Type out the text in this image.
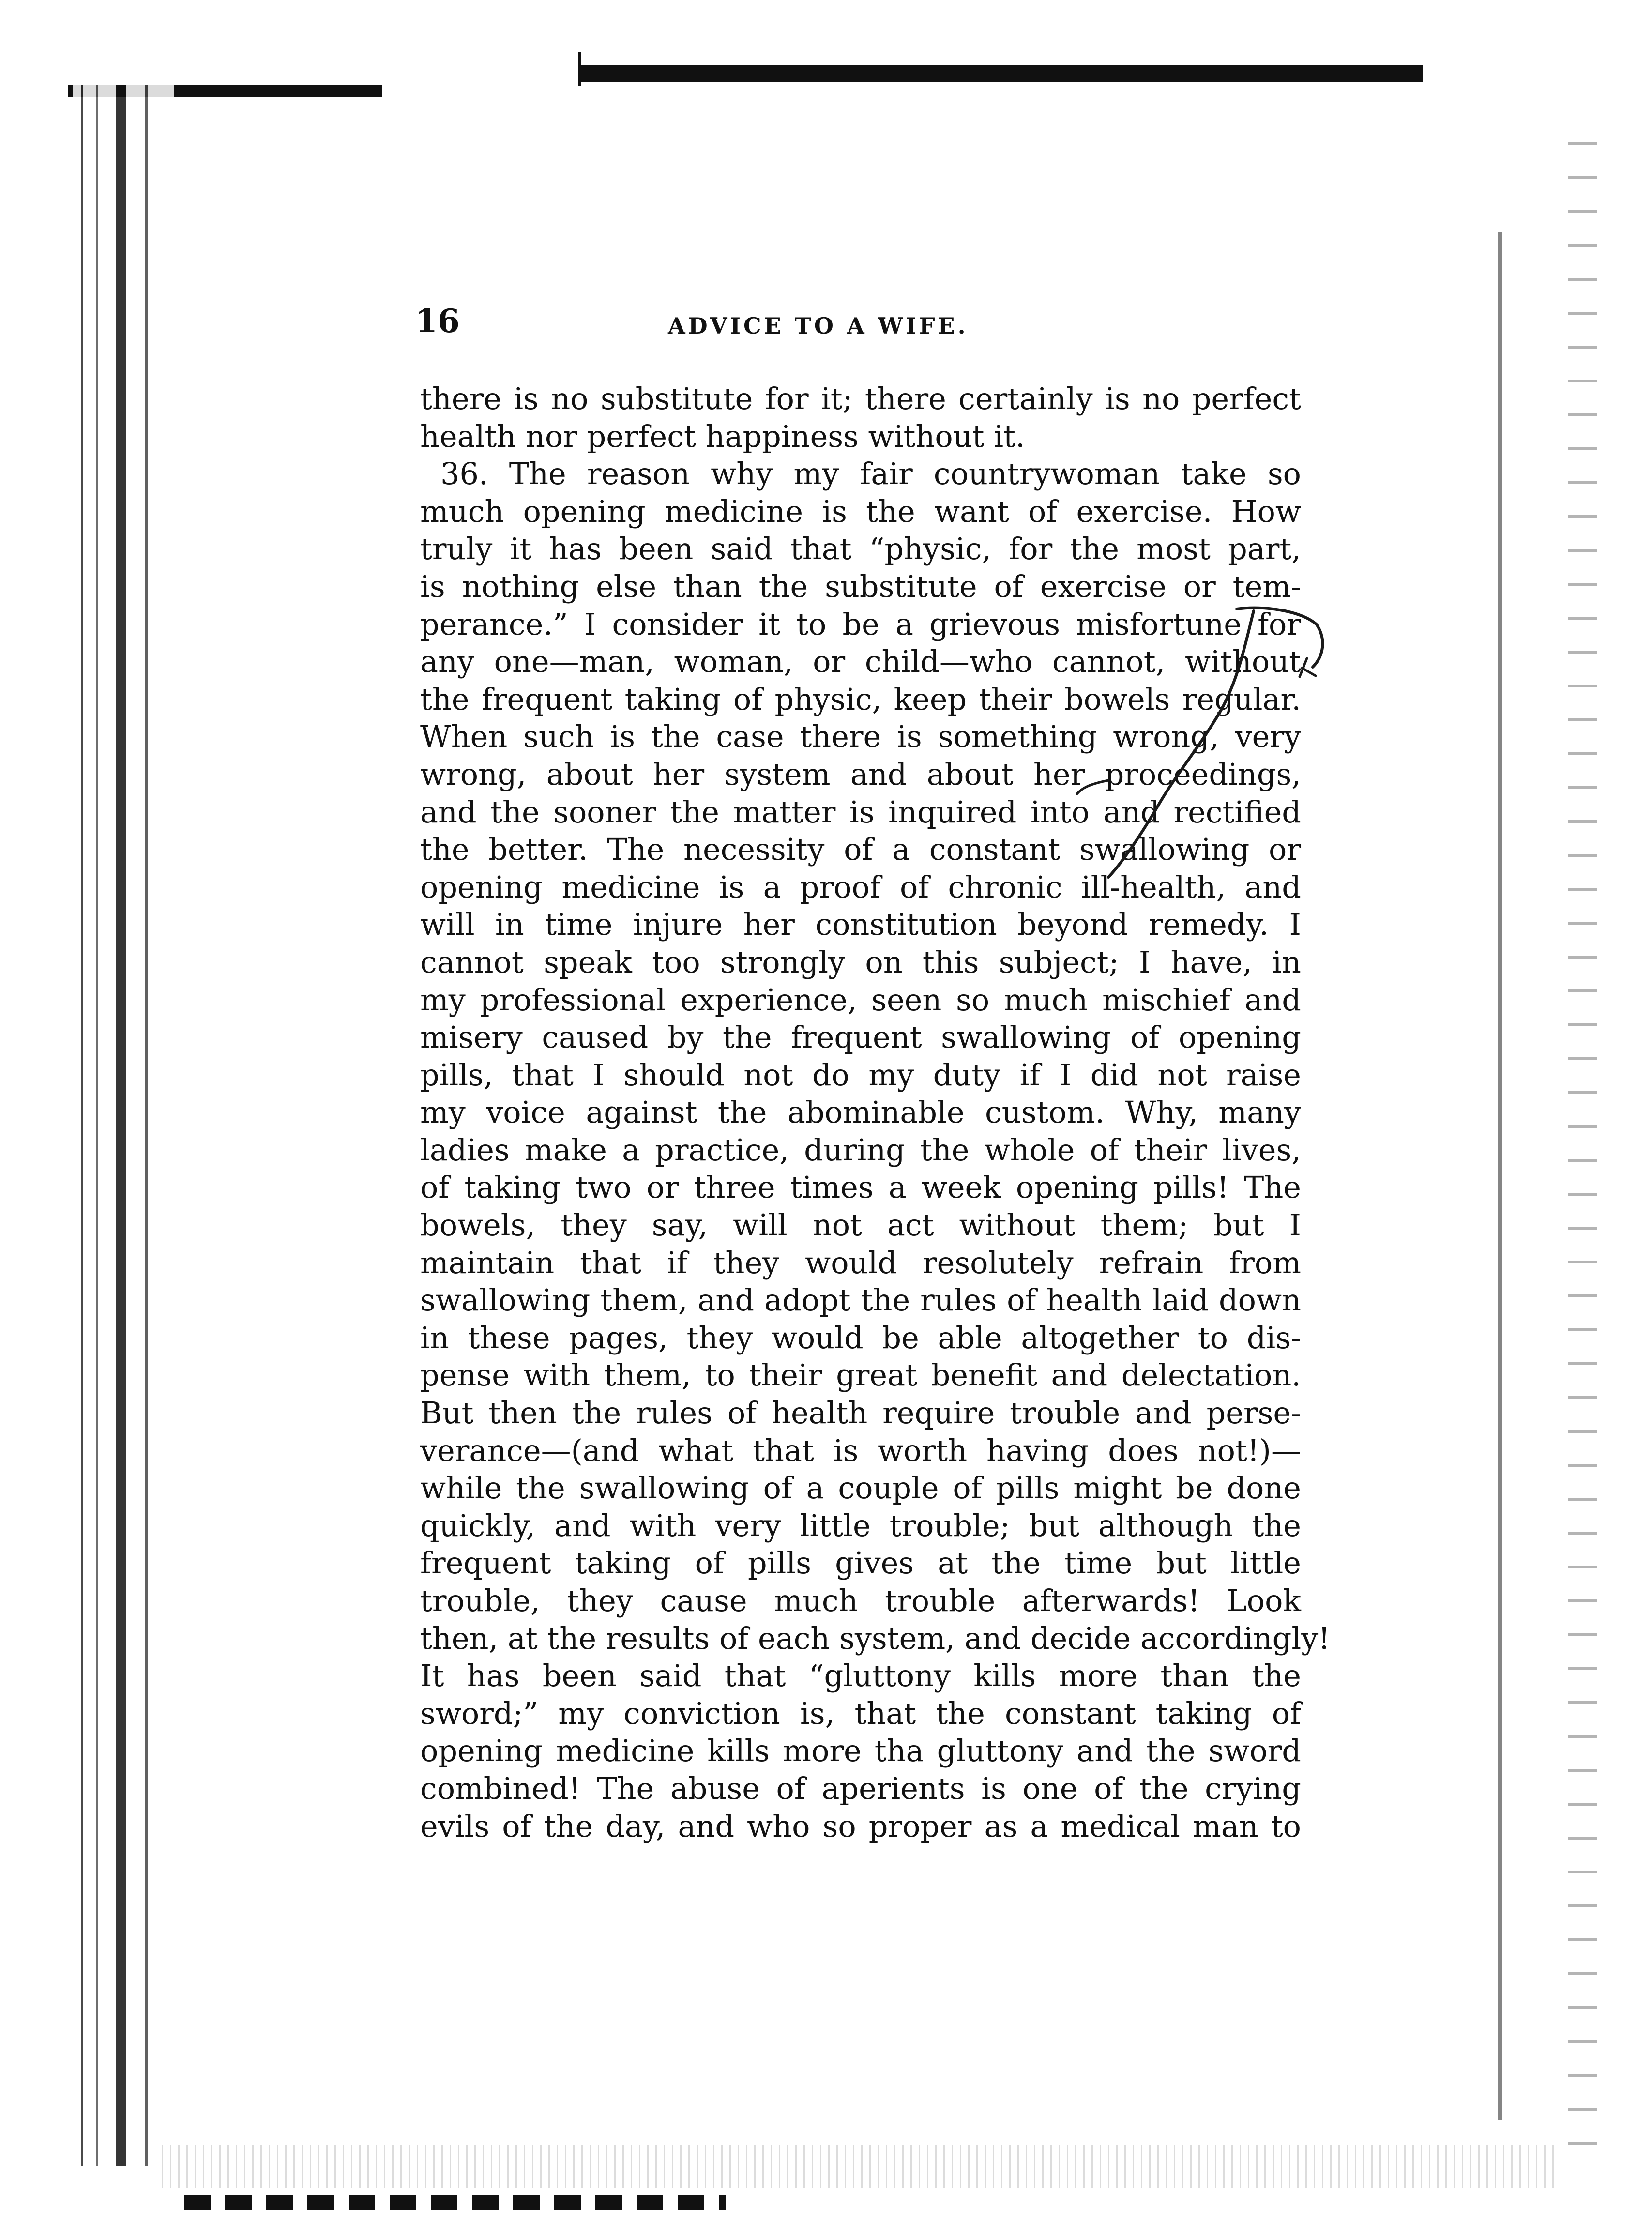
16	ADVICE TO A WIFE.
there is no substitute for it; there certainly is no perfect
health nor perfect happiness without it.
36. The reason why my fair countrywoman take so
much opening medicine is the want of exercise. How
truly it has been said that “physic, for the most part,
is nothing else than the substitute of exercise or tem-
perance.” I consider it to be a grievous misfortune for
any one—man, woman, or child—who cannot, without
the frequent taking of physic, keep their bowels regular.
When such is the case there is something wrong, very
wrong, about her system and about her proceedings,
and the sooner the matter is inquired into and rectified
the better. The necessity of a constant swallowing or
opening medicine is a proof of chronic ill-health, and
will in time injure her constitution beyond remedy. I
cannot speak too strongly on this subject; I have, in
my professional experience, seen so much mischief and
misery caused by the frequent swallowing of opening
pills, that I should not do my duty if I did not raise
my voice against the abominable custom. Why, many
ladies make a practice, during the whole of their lives,
of taking two or three times a week opening pills! The
bowels, they say, will not act without them; but I
maintain that if they would resolutely refrain from
swallowing them, and adopt the rules of health laid down
in these pages, they would be able altogether to dis-
pense with them, to their great benefit and delectation.
But then the rules of health require trouble and perse-
verance—(and what that is worth having does not!)—
while the swallowing of a couple of pills might be done
quickly, and with very little trouble; but although the
frequent taking of pills gives at the time but little
trouble, they cause much trouble afterwards! Look
then, at the results of each system, and decide accordingly!
It has been said that “gluttony kills more than the
sword;” my conviction is, that the constant taking of
opening medicine kills more tha gluttony and the sword
combined! The abuse of aperients is one of the crying
evils of the day, and who so proper as a medical man to
